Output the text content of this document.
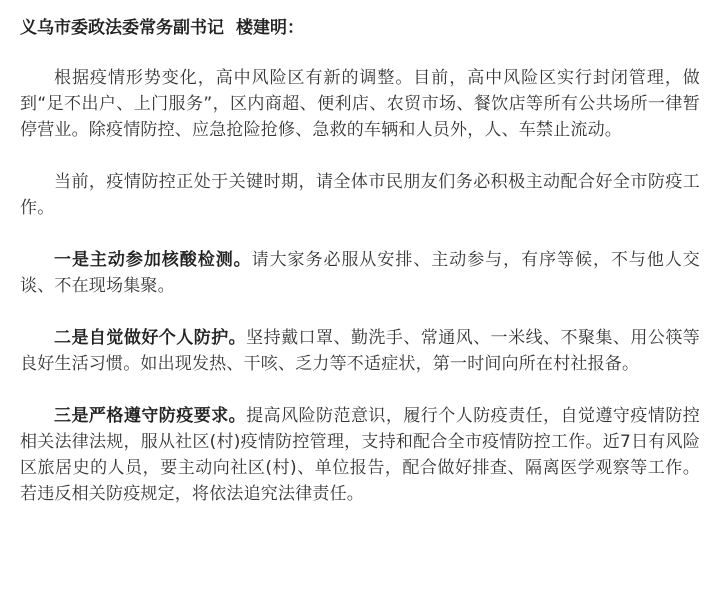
义乌市委政法委常务副书记 楼建明：

根据疫情形势变化，高中风险区有新的调整。目前，高中风险区实行封闭管理，做到“足不出户、上门服务”，区内商超、便利店、农贸市场、餐饮店等所有公共场所一律暂停营业。除疫情防控、应急抢险抢修、急救的车辆和人员外，人、车禁止流动。

当前，疫情防控正处于关键时期，请全体市民朋友们务必积极主动配合好全市防疫工作。

一是主动参加核酸检测。请大家务必服从安排、主动参与，有序等候，不与他人交谈、不在现场集聚。

二是自觉做好个人防护。坚持戴口罩、勤洗手、常通风、一米线、不聚集、用公筷等良好生活习惯。如出现发热、干咳、乏力等不适症状，第一时间向所在村社报备。

三是严格遵守防疫要求。提高风险防范意识，履行个人防疫责任，自觉遵守疫情防控相关法律法规，服从社区(村)疫情防控管理，支持和配合全市疫情防控工作。近7日有风险区旅居史的人员，要主动向社区(村)、单位报告，配合做好排查、隔离医学观察等工作。若违反相关防疫规定，将依法追究法律责任。
